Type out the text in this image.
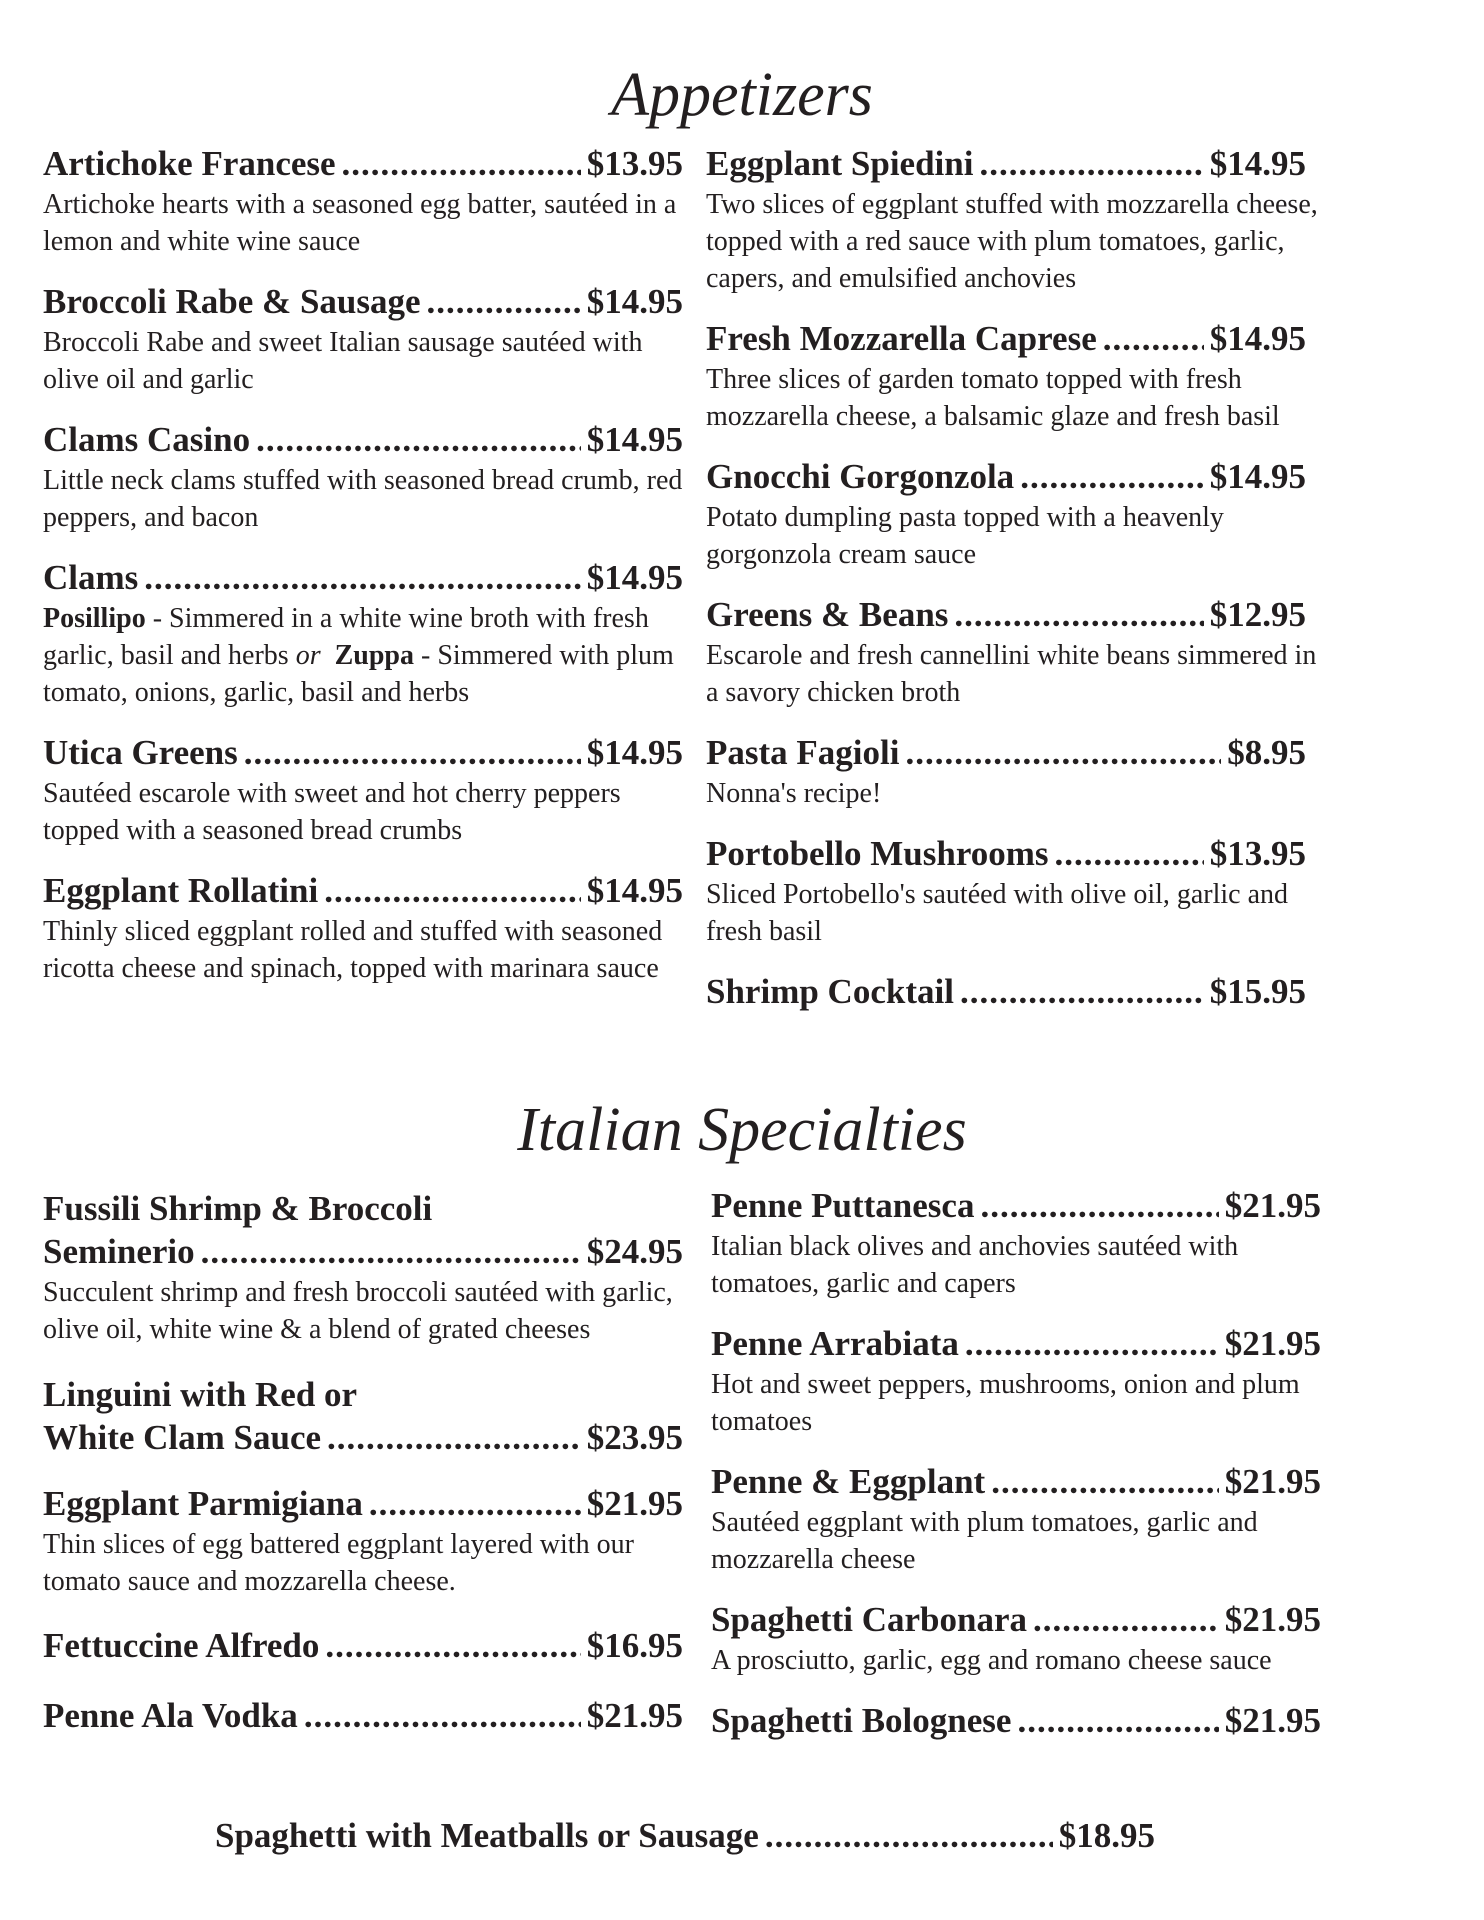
Appetizers
Artichoke Francese .....	$13.95

Artichoke hearts with a seasoned egg batter, sautéed in a lemon and white wine sauce

Broccoli Rabe & Sausage .....	$14.95

Broccoli Rabe and sweet Italian sausage sautéed with olive oil and garlic

Clams Casino .....	$14.95

Little neck clams stuffed with seasoned bread crumb, red peppers, and bacon

Clams .....	$14.95

Posillipo - Simmered in a white wine broth with fresh garlic, basil and herbs or Zuppa - Simmered with plum tomato, onions, garlic, basil and herbs

Utica Greens .....	$14.95

Sautéed escarole with sweet and hot cherry peppers topped with a seasoned bread crumbs

Eggplant Rollatini .....	$14.95

Thinly sliced eggplant rolled and stuffed with seasoned ricotta cheese and spinach, topped with marinara sauce

Eggplant Spiedini .....	$14.95

Two slices of eggplant stuffed with mozzarella cheese, topped with a red sauce with plum tomatoes, garlic, capers, and emulsified anchovies

Fresh Mozzarella Caprese .....	$14.95

Three slices of garden tomato topped with fresh mozzarella cheese, a balsamic glaze and fresh basil

Gnocchi Gorgonzola .....	$14.95

Potato dumpling pasta topped with a heavenly gorgonzola cream sauce

Greens & Beans .....	$12.95

Escarole and fresh cannellini white beans simmered in a savory chicken broth

Pasta Fagioli .....	$8.95

Nonna's recipe!

Portobello Mushrooms .....	$13.95

Sliced Portobello's sautéed with olive oil, garlic and fresh basil

Shrimp Cocktail .....	$15.95
Italian Specialties
Fussili Shrimp & Broccoli
Seminerio .....	$24.95

Succulent shrimp and fresh broccoli sautéed with garlic, olive oil, white wine & a blend of grated cheeses

Linguini with Red or
White Clam Sauce .....	$23.95
Eggplant Parmigiana .....	$21.95

Thin slices of egg battered eggplant layered with our tomato sauce and mozzarella cheese.

Fettuccine Alfredo .....	$16.95
Penne Ala Vodka .....	$21.95
Penne Puttanesca .....	$21.95

Italian black olives and anchovies sautéed with tomatoes, garlic and capers

Penne Arrabiata .....	$21.95

Hot and sweet peppers, mushrooms, onion and plum tomatoes

Penne & Eggplant .....	$21.95

Sautéed eggplant with plum tomatoes, garlic and mozzarella cheese

Spaghetti Carbonara .....	$21.95

A prosciutto, garlic, egg and romano cheese sauce

Spaghetti Bolognese .....	$21.95
Spaghetti with Meatballs or Sausage .....	$18.95
